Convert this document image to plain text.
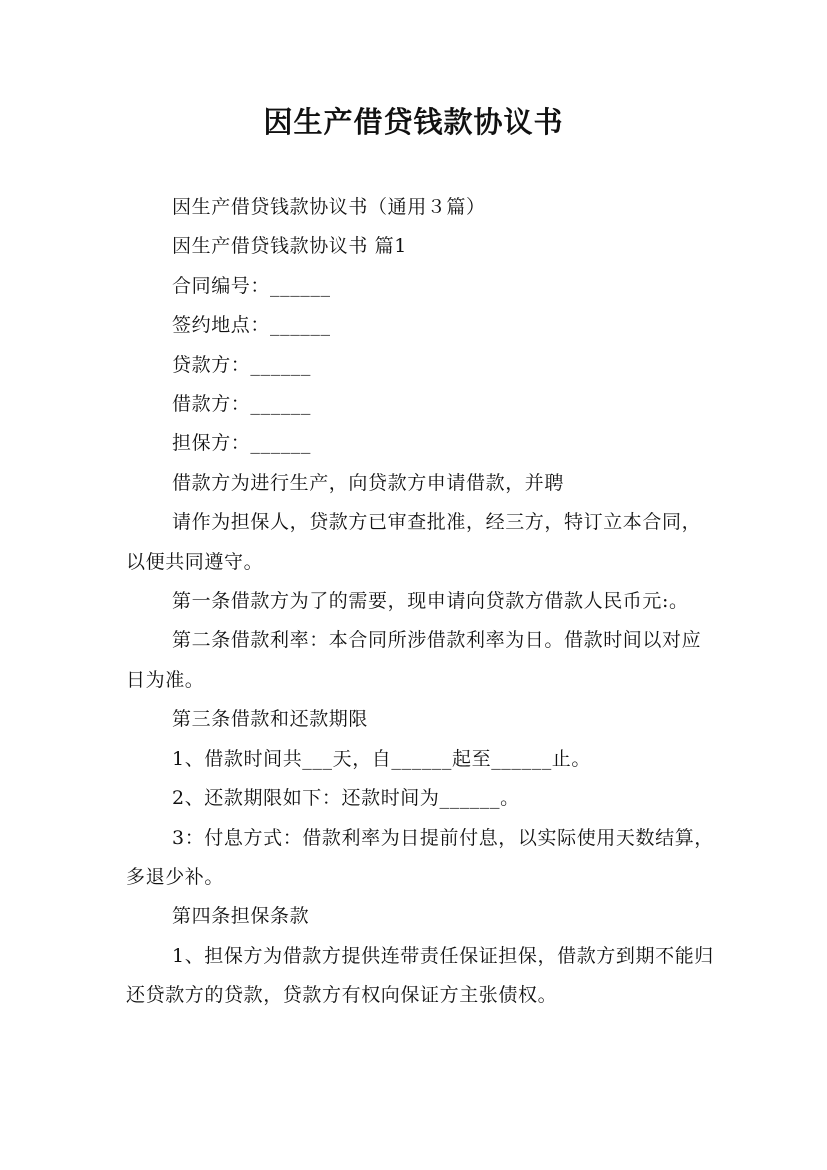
因生产借贷钱款协议书

因生产借贷钱款协议书（通用３篇）

因生产借贷钱款协议书 篇1

合同编号：______

签约地点：______

贷款方：______

借款方：______

担保方：______

借款方为进行生产，向贷款方申请借款，并聘

请作为担保人，贷款方已审查批准，经三方，特订立本合同，以便共同遵守。

第一条借款方为了的需要，现申请向贷款方借款人民币元:。

第二条借款利率：本合同所涉借款利率为日。借款时间以对应日为准。

第三条借款和还款期限

1、借款时间共___天，自______起至______止。

2、还款期限如下：还款时间为______。

3：付息方式：借款利率为日提前付息，以实际使用天数结算，多退少补。

第四条担保条款

1、担保方为借款方提供连带责任保证担保，借款方到期不能归还贷款方的贷款，贷款方有权向保证方主张债权。
